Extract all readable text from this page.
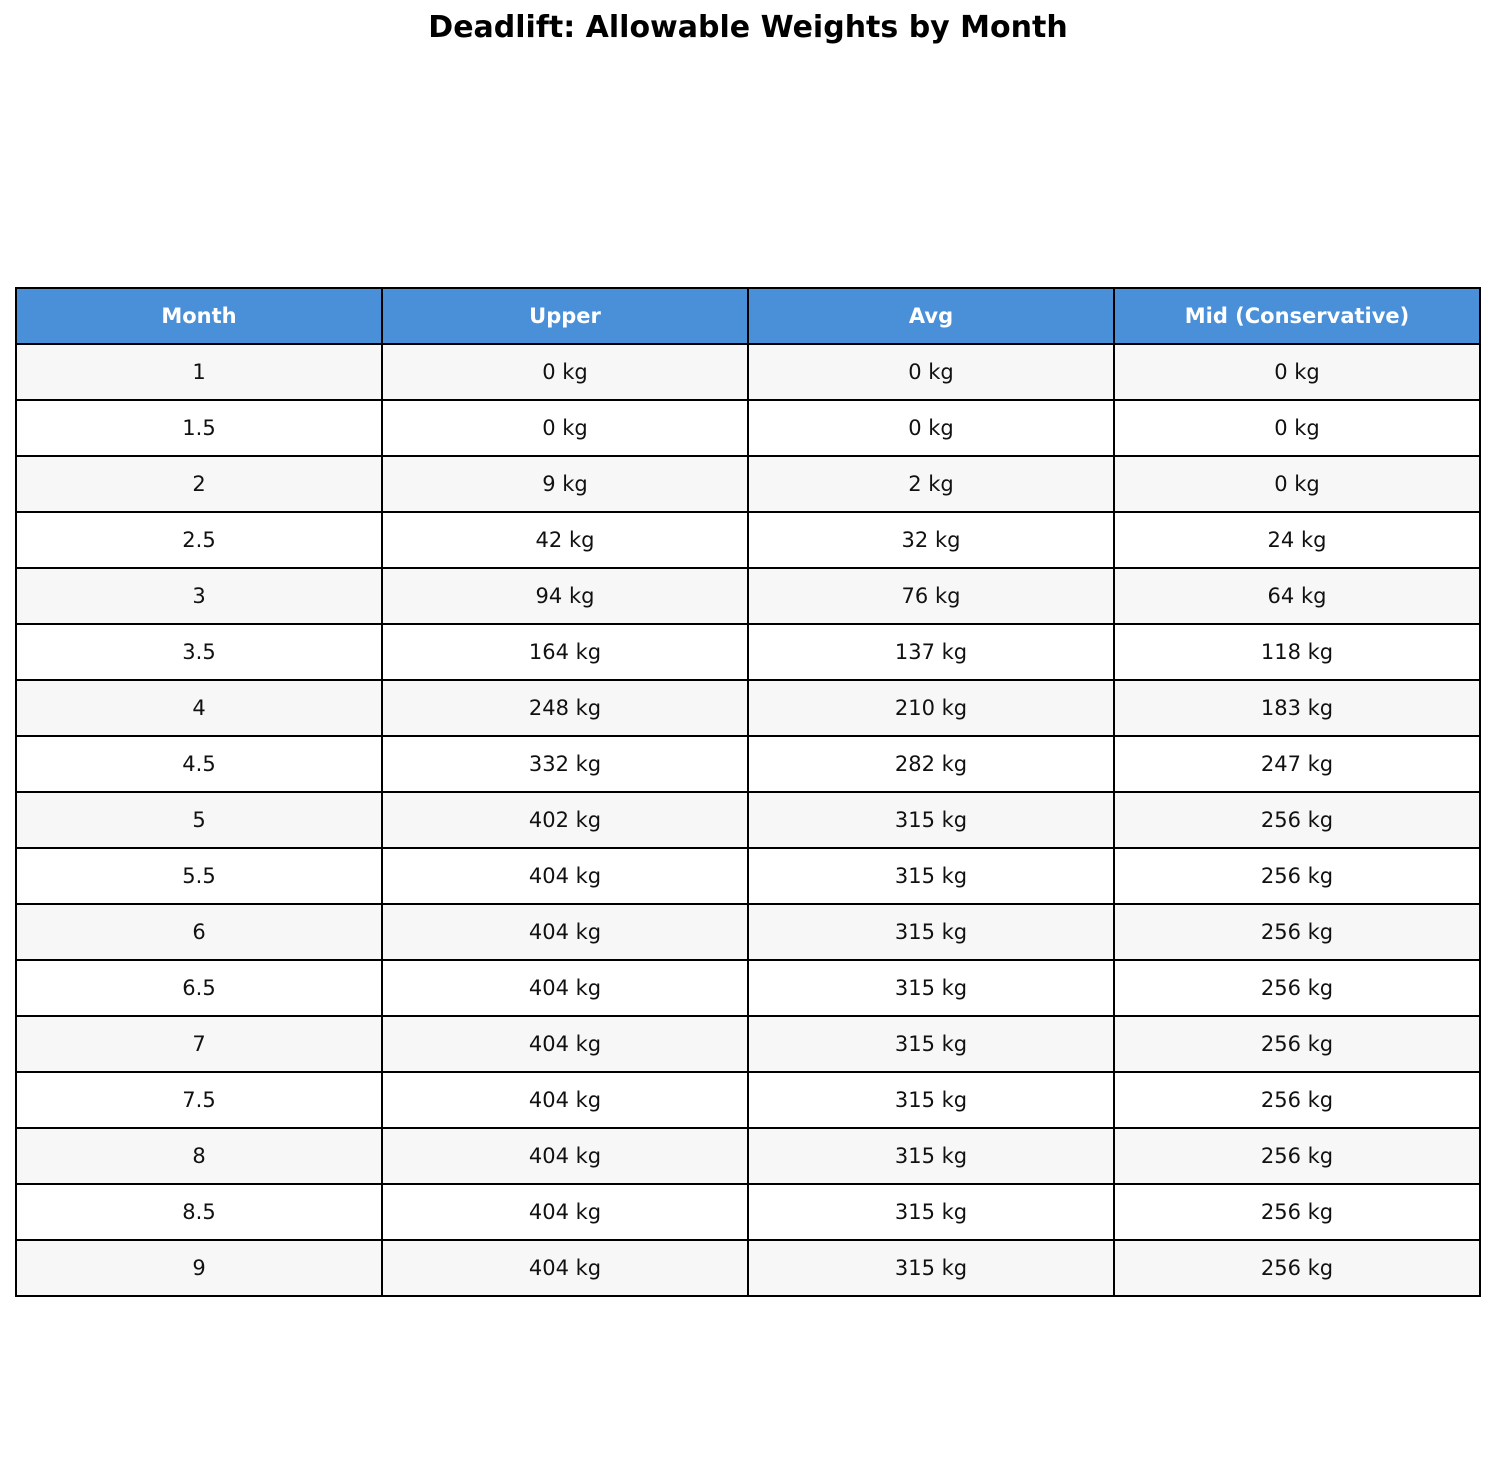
Deadlift: Allowable Weights by Month
Month	Upper	Avg	Mid (Conservative)
1	0 kg	0 kg	0 kg
1.5	0 kg	0 kg	0 kg
2	9 kg	2 kg	0 kg
2.5	42 kg	32 kg	24 kg
3	94 kg	76 kg	64 kg
3.5	164 kg	137 kg	118 kg
4	248 kg	210 kg	183 kg
4.5	332 kg	282 kg	247 kg
5	402 kg	315 kg	256 kg
5.5	404 kg	315 kg	256 kg
6	404 kg	315 kg	256 kg
6.5	404 kg	315 kg	256 kg
7	404 kg	315 kg	256 kg
7.5	404 kg	315 kg	256 kg
8	404 kg	315 kg	256 kg
8.5	404 kg	315 kg	256 kg
9	404 kg	315 kg	256 kg
